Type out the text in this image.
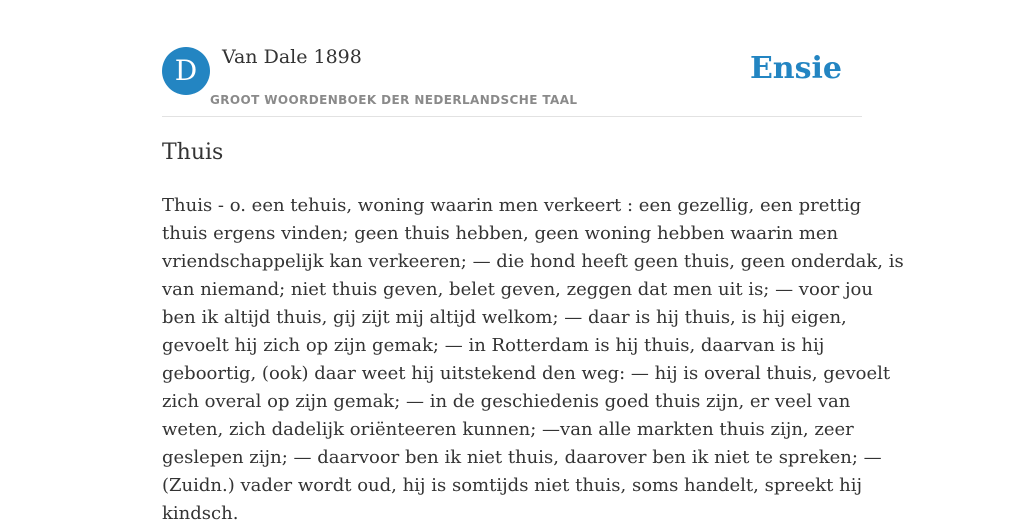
D	Van Dale 1898
GROOT WOORDENBOEK DER NEDERLANDSCHE TAAL
Ensie
Thuis

Thuis - o. een tehuis, woning waarin men verkeert : een gezellig, een prettig
thuis ergens vinden; geen thuis hebben, geen woning hebben waarin men
vriendschappelijk kan verkeeren; — die hond heeft geen thuis, geen onderdak, is
van niemand; niet thuis geven, belet geven, zeggen dat men uit is; — voor jou
ben ik altijd thuis, gij zijt mij altijd welkom; — daar is hij thuis, is hij eigen,
gevoelt hij zich op zijn gemak; — in Rotterdam is hij thuis, daarvan is hij
geboortig, (ook) daar weet hij uitstekend den weg: — hij is overal thuis, gevoelt
zich overal op zijn gemak; — in de geschiedenis goed thuis zijn, er veel van
weten, zich dadelijk oriënteeren kunnen; —van alle markten thuis zijn, zeer
geslepen zijn; — daarvoor ben ik niet thuis, daarover ben ik niet te spreken; —
(Zuidn.) vader wordt oud, hij is somtijds niet thuis, soms handelt, spreekt hij
kindsch.
